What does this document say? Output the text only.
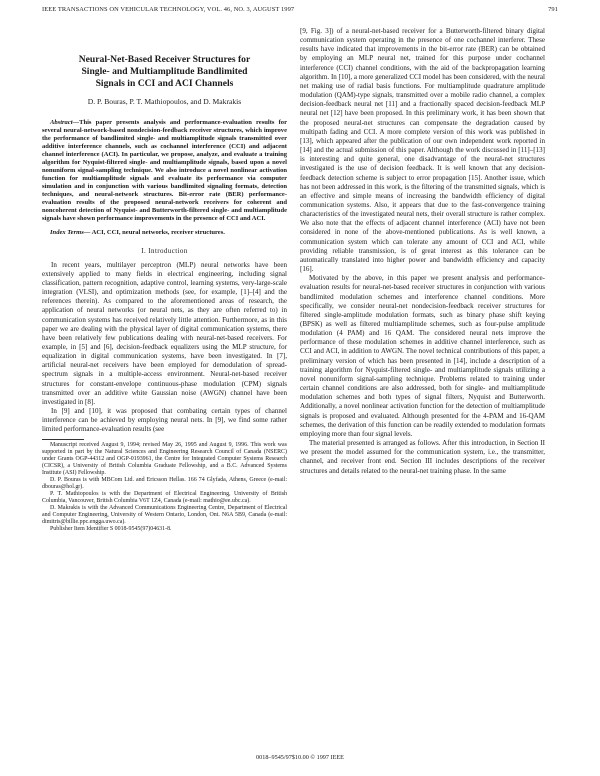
IEEE TRANSACTIONS ON VEHICULAR TECHNOLOGY, VOL. 46, NO. 3, AUGUST 1997	791
Neural-Net-Based Receiver Structures for
Single- and Multiamplitude Bandlimited
Signals in CCI and ACI Channels
D. P. Bouras, P. T. Mathiopoulos, and D. Makrakis

Abstract—This paper presents analysis and performance-evaluation results for several neural-network-based nondecision-feedback receiver structures, which improve the performance of bandlimited single- and multiamplitude signals transmitted over additive interference channels, such as cochannel interference (CCI) and adjacent channel interference (ACI). In particular, we propose, analyze, and evaluate a training algorithm for Nyquist-filtered single- and multiamplitude signals, based upon a novel nonuniform signal-sampling technique. We also introduce a novel nonlinear activation function for multiamplitude signals and evaluate its performance via computer simulation and in conjunction with various bandlimited signaling formats, detection techniques, and neural-network structures. Bit-error rate (BER) performance-evaluation results of the proposed neural-network receivers for coherent and noncoherent detection of Nyquist- and Butterworth-filtered single- and multiamplitude signals have shown performance improvements in the presence of CCI and ACI.

Index Terms— ACI, CCI, neural networks, receiver structures.

I. Introduction

In recent years, multilayer perceptron (MLP) neural networks have been extensively applied to many fields in electrical engineering, including signal classification, pattern recognition, adaptive control, learning systems, very-large-scale integration (VLSI), and optimization methods (see, for example, [1]–[4] and the references therein). As compared to the aforementioned areas of research, the application of neural networks (or neural nets, as they are often referred to) in communication systems has received relatively little attention. Furthermore, as in this paper we are dealing with the physical layer of digital communication systems, there have been relatively few publications dealing with neural-net-based receivers. For example, in [5] and [6], decision-feedback equalizers using the MLP structure, for equalization in digital communication systems, have been investigated. In [7], artificial neural-net receivers have been employed for demodulation of spread-spectrum signals in a multiple-access environment. Neural-net-based receiver structures for constant-envelope continuous-phase modulation (CPM) signals transmitted over an additive white Gaussian noise (AWGN) channel have been investigated in [8].

In [9] and [10], it was proposed that combating certain types of channel interference can be achieved by employing neural nets. In [9], we find some rather limited performance-evaluation results (see

Manuscript received August 9, 1994; revised May 26, 1995 and August 9, 1996. This work was supported in part by the Natural Sciences and Engineering Research Council of Canada (NSERC) under Grants OGP-44312 and OGP-0193961, the Centre for Integrated Computer Systems Research (CICSR), a University of British Columbia Graduate Fellowship, and a B.C. Advanced Systems Institute (ASI) Fellowship.

D. P. Bouras is with MBCom Ltd. and Ericsson Hellas. 166 74 Glyfada, Athens, Greece (e-mail: dbouras@hol.gr).

P. T. Mathiopoulos is with the Department of Electrical Engineering, University of British Columbia, Vancouver, British Columbia V6T 1Z4, Canada (e-mail: mathio@ee.ubc.ca).

D. Makrakis is with the Advanced Communications Engineering Centre, Department of Electrical and Computer Engineering, University of Western Ontario, London, Ont. N6A 5B9, Canada (e-mail: dimitris@billie.ppc.engga.uwo.ca).

Publisher Item Identifier S 0018-9545(97)04631-8.

[9, Fig. 3]) of a neural-net-based receiver for a Butterworth-filtered binary digital communication system operating in the presence of one cochannel interferer. These results have indicated that improvements in the bit-error rate (BER) can be obtained by employing an MLP neural net, trained for this purpose under cochannel interference (CCI) channel conditions, with the aid of the backpropagation learning algorithm. In [10], a more generalized CCI model has been considered, with the neural net making use of radial basis functions. For multiamplitude quadrature amplitude modulation (QAM)-type signals, transmitted over a mobile radio channel, a complex decision-feedback neural net [11] and a fractionally spaced decision-feedback MLP neural net [12] have been proposed. In this preliminary work, it has been shown that the proposed neural-net structures can compensate the degradation caused by multipath fading and CCI. A more complete version of this work was published in [13], which appeared after the publication of our own independent work reported in [14] and the actual submission of this paper. Although the work discussed in [11]–[13] is interesting and quite general, one disadvantage of the neural-net structures investigated is the use of decision feedback. It is well known that any decision-feedback detection scheme is subject to error propagation [15]. Another issue, which has not been addressed in this work, is the filtering of the transmitted signals, which is an effective and simple means of increasing the bandwidth efficiency of digital communication systems. Also, it appears that due to the fast-convergence training characteristics of the investigated neural nets, their overall structure is rather complex. We also note that the effects of adjacent channel interference (ACI) have not been considered in none of the above-mentioned publications. As is well known, a communication system which can tolerate any amount of CCI and ACI, while providing reliable transmission, is of great interest as this tolerance can be automatically translated into higher power and bandwidth efficiency and capacity [16].

Motivated by the above, in this paper we present analysis and performance-evaluation results for neural-net-based receiver structures in conjunction with various bandlimited modulation schemes and interference channel conditions. More specifically, we consider neural-net nondecision-feedback receiver structures for filtered single-amplitude modulation formats, such as binary phase shift keying (BPSK) as well as filtered multiamplitude schemes, such as four-pulse amplitude modulation (4 PAM) and 16 QAM. The considered neural nets improve the performance of these modulation schemes in additive channel interference, such as CCI and ACI, in addition to AWGN. The novel technical contributions of this paper, a preliminary version of which has been presented in [14], include a description of a training algorithm for Nyquist-filtered single- and multiamplitude signals utilizing a novel nonuniform signal-sampling technique. Problems related to training under certain channel conditions are also addressed, both for single- and multiamplitude modulation schemes and both types of signal filters, Nyquist and Butterworth. Additionally, a novel nonlinear activation function for the detection of multiamplitude signals is proposed and evaluated. Although presented for the 4-PAM and 16-QAM schemes, the derivation of this function can be readily extended to modulation formats employing more than four signal levels.

The material presented is arranged as follows. After this introduction, in Section II we present the model assumed for the communication system, i.e., the transmitter, channel, and receiver front end. Section III includes descriptions of the receiver structures and details related to the neural-net training phase. In the same

0018–9545/97$10.00 © 1997 IEEE
